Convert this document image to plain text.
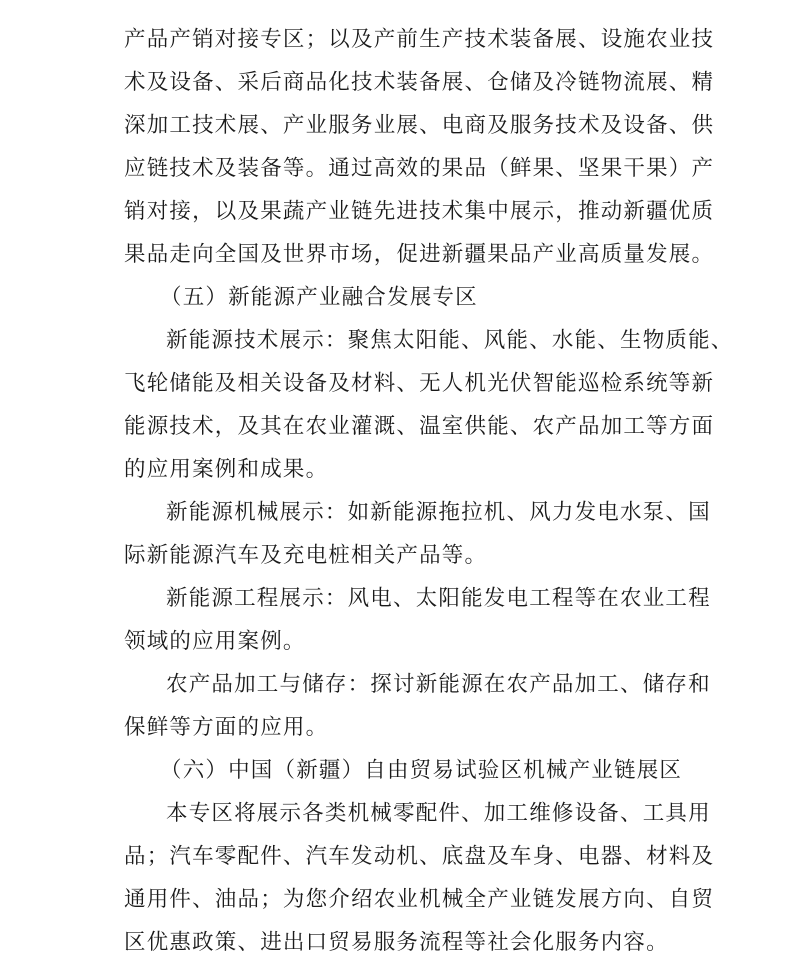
产品产销对接专区；以及产前生产技术装备展、设施农业技
术及设备、采后商品化技术装备展、仓储及冷链物流展、精
深加工技术展、产业服务业展、电商及服务技术及设备、供
应链技术及装备等。通过高效的果品（鲜果、坚果干果）产
销对接，以及果蔬产业链先进技术集中展示，推动新疆优质
果品走向全国及世界市场，促进新疆果品产业高质量发展。
（五）新能源产业融合发展专区
新能源技术展示：聚焦太阳能、风能、水能、生物质能、
飞轮储能及相关设备及材料、无人机光伏智能巡检系统等新
能源技术，及其在农业灌溉、温室供能、农产品加工等方面
的应用案例和成果。
新能源机械展示：如新能源拖拉机、风力发电水泵、国
际新能源汽车及充电桩相关产品等。
新能源工程展示：风电、太阳能发电工程等在农业工程
领域的应用案例。
农产品加工与储存：探讨新能源在农产品加工、储存和
保鲜等方面的应用。
（六）中国（新疆）自由贸易试验区机械产业链展区
本专区将展示各类机械零配件、加工维修设备、工具用
品；汽车零配件、汽车发动机、底盘及车身、电器、材料及
通用件、油品；为您介绍农业机械全产业链发展方向、自贸
区优惠政策、进出口贸易服务流程等社会化服务内容。
